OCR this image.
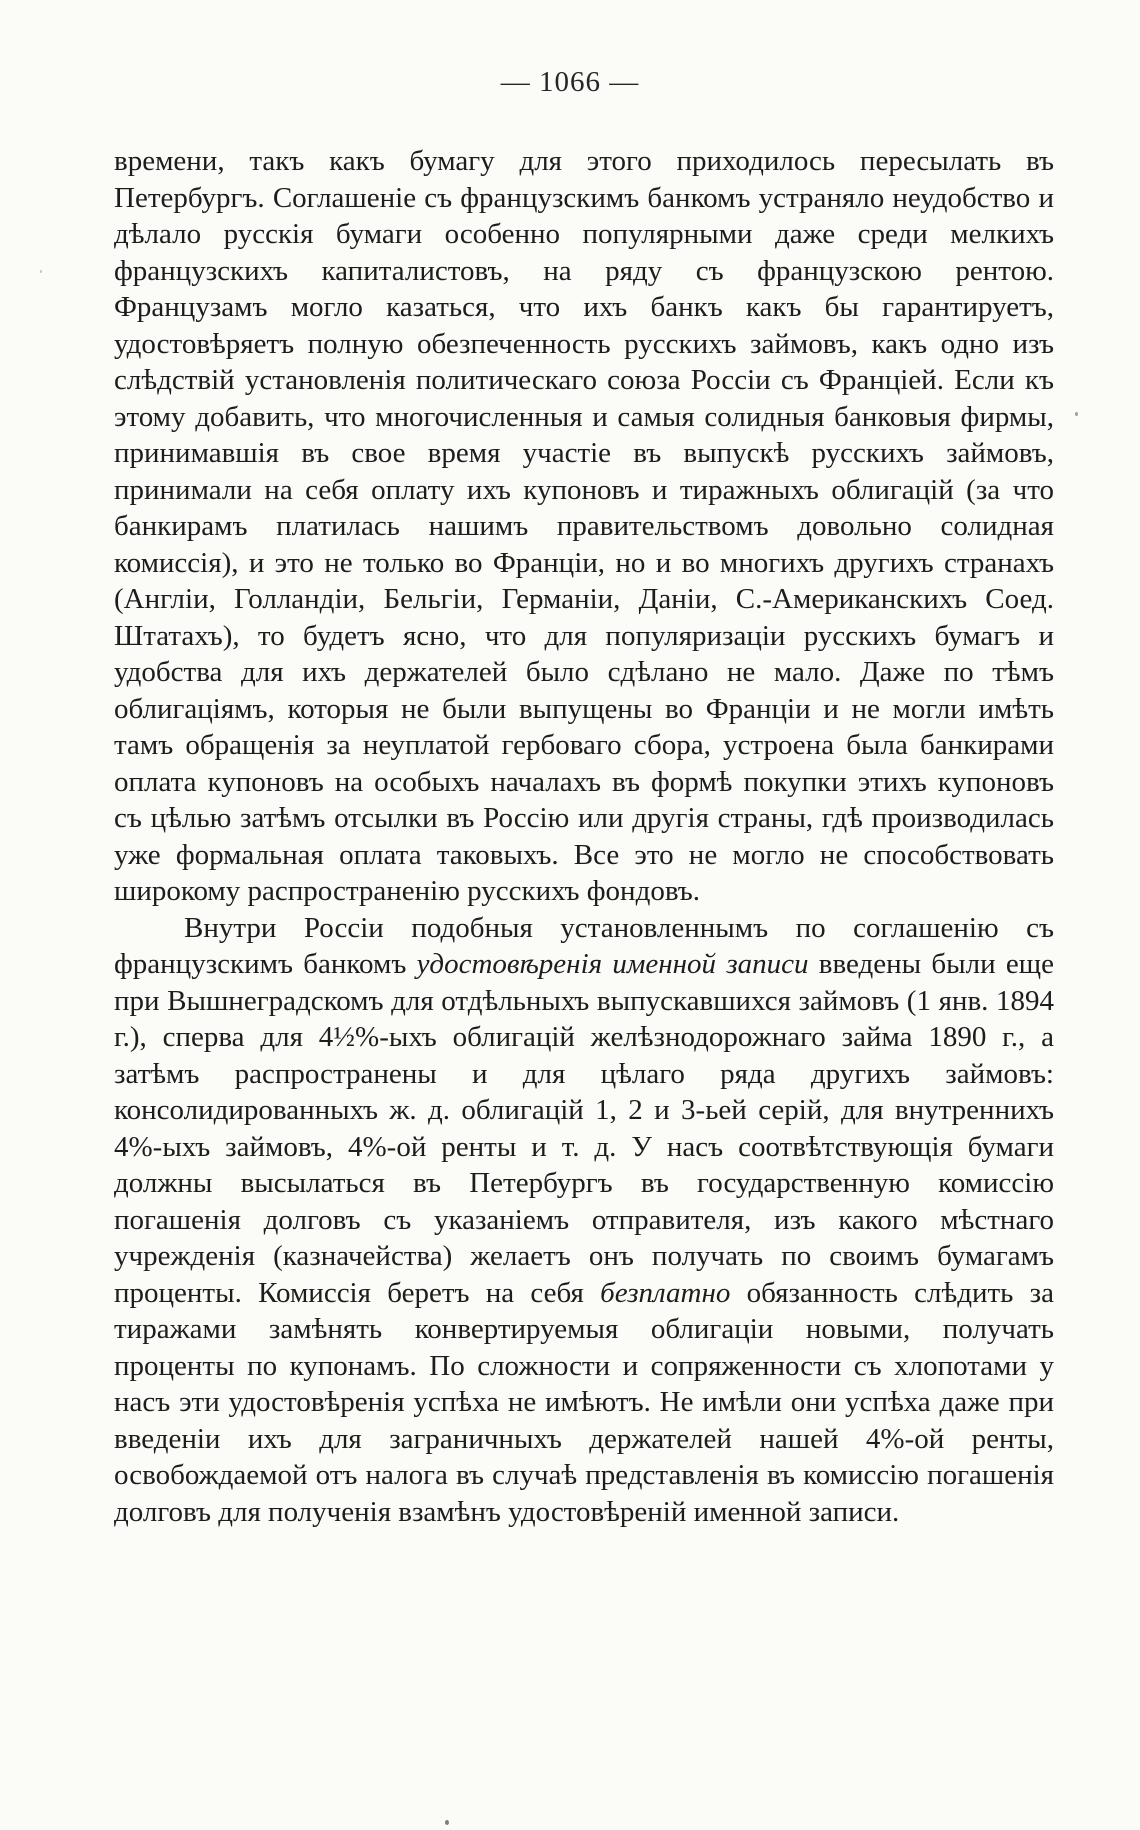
— 1066 —

времени, такъ какъ бумагу для этого приходилось пересылать въ Петербургъ. Соглашеніе съ французскимъ банкомъ устраняло неудобство и дѣлало русскія бумаги особенно популярными даже среди мелкихъ французскихъ капиталистовъ, на ряду съ французскою рентою. Французамъ могло казаться, что ихъ банкъ какъ бы гарантируетъ, удостовѣряетъ полную обезпеченность русскихъ займовъ, какъ одно изъ слѣдствій установленія политическаго союза Россіи съ Франціей. Если къ этому добавить, что многочисленныя и самыя солидныя банковыя фирмы, принимавшія въ свое время участіе въ выпускѣ русскихъ займовъ, принимали на себя оплату ихъ купоновъ и тиражныхъ облигацій (за что банкирамъ платилась нашимъ правительствомъ довольно солидная комиссія), и это не только во Франціи, но и во многихъ другихъ странахъ (Англіи, Голландіи, Бельгіи, Германіи, Даніи, С.-Американскихъ Соед. Штатахъ), то будетъ ясно, что для популяризаціи русскихъ бумагъ и удобства для ихъ держателей было сдѣлано не мало. Даже по тѣмъ облигаціямъ, которыя не были выпущены во Франціи и не могли имѣть тамъ обращенія за неуплатой гербоваго сбора, устроена была банкирами оплата купоновъ на особыхъ началахъ въ формѣ покупки этихъ купоновъ съ цѣлью затѣмъ отсылки въ Россію или другія страны, гдѣ производилась уже формальная оплата таковыхъ. Все это не могло не способствовать широкому распространенію русскихъ фондовъ.

Внутри Россіи подобныя установленнымъ по соглашенію съ французскимъ банкомъ удостовѣренія именной записи введены были еще при Вышнеградскомъ для отдѣльныхъ выпускавшихся займовъ (1 янв. 1894 г.), сперва для 4½%-ыхъ облигацій желѣзнодорожнаго займа 1890 г., а затѣмъ распространены и для цѣлаго ряда другихъ займовъ: консолидированныхъ ж. д. облигацій 1, 2 и 3-ьей серій, для внутреннихъ 4%-ыхъ займовъ, 4%-ой ренты и т. д. У насъ соотвѣтствующія бумаги должны высылаться въ Петербургъ въ государственную комиссію погашенія долговъ съ указаніемъ отправителя, изъ какого мѣстнаго учрежденія (казначейства) желаетъ онъ получать по своимъ бумагамъ проценты. Комиссія беретъ на себя безплатно обязанность слѣдить за тиражами замѣнять конвертируемыя облигаціи новыми, получать проценты по купонамъ. По сложности и сопряженности съ хлопотами у насъ эти удостовѣренія успѣха не имѣютъ. Не имѣли они успѣха даже при введеніи ихъ для заграничныхъ держателей нашей 4%-ой ренты, освобождаемой отъ налога въ случаѣ представленія въ комиссію погашенія долговъ для полученія взамѣнъ удостовѣреній именной записи.
